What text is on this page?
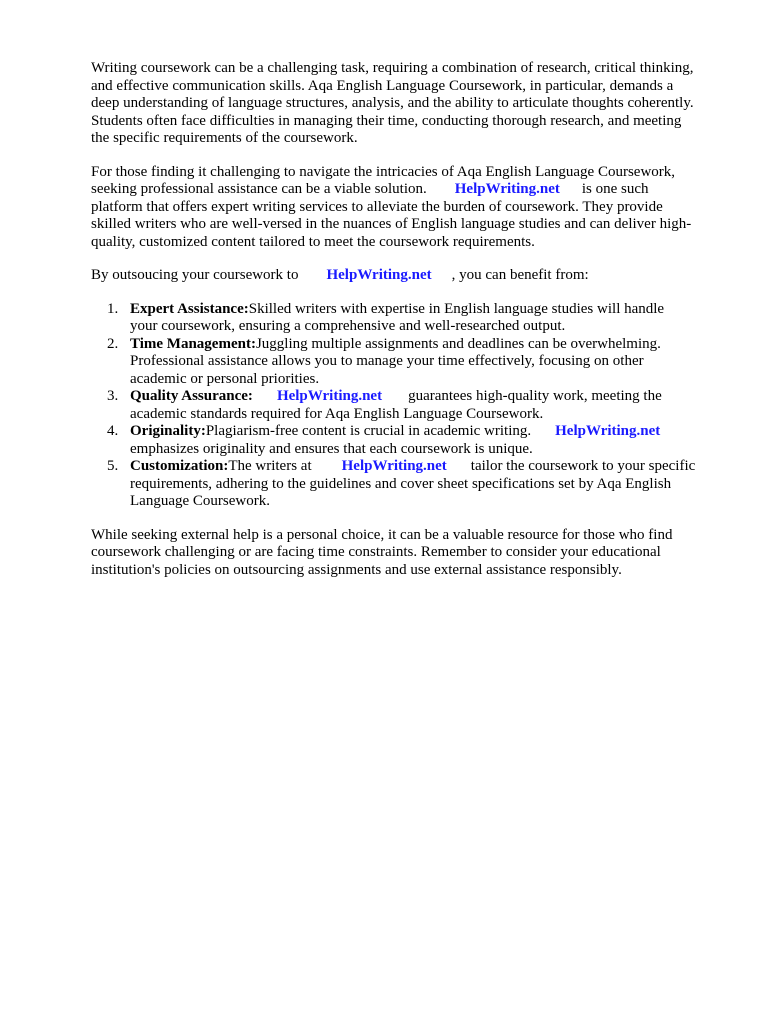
Writing coursework can be a challenging task, requiring a combination of research, critical thinking,
and effective communication skills. Aqa English Language Coursework, in particular, demands a
deep understanding of language structures, analysis, and the ability to articulate thoughts coherently.
Students often face difficulties in managing their time, conducting thorough research, and meeting
the specific requirements of the coursework.
For those finding it challenging to navigate the intricacies of Aqa English Language Coursework,
seeking professional assistance can be a viable solution. HelpWriting.net is one such
platform that offers expert writing services to alleviate the burden of coursework. They provide
skilled writers who are well-versed in the nuances of English language studies and can deliver high-
quality, customized content tailored to meet the coursework requirements.
By outsoucing your coursework to HelpWriting.net , you can benefit from:
1. Expert Assistance:Skilled writers with expertise in English language studies will handle
your coursework, ensuring a comprehensive and well-researched output.
2. Time Management:Juggling multiple assignments and deadlines can be overwhelming.
Professional assistance allows you to manage your time effectively, focusing on other
academic or personal priorities.
3. Quality Assurance: HelpWriting.net guarantees high-quality work, meeting the
academic standards required for Aqa English Language Coursework.
4. Originality:Plagiarism-free content is crucial in academic writing. HelpWriting.net
emphasizes originality and ensures that each coursework is unique.
5. Customization:The writers at HelpWriting.net tailor the coursework to your specific
requirements, adhering to the guidelines and cover sheet specifications set by Aqa English
Language Coursework.
While seeking external help is a personal choice, it can be a valuable resource for those who find
coursework challenging or are facing time constraints. Remember to consider your educational
institution's policies on outsourcing assignments and use external assistance responsibly.
